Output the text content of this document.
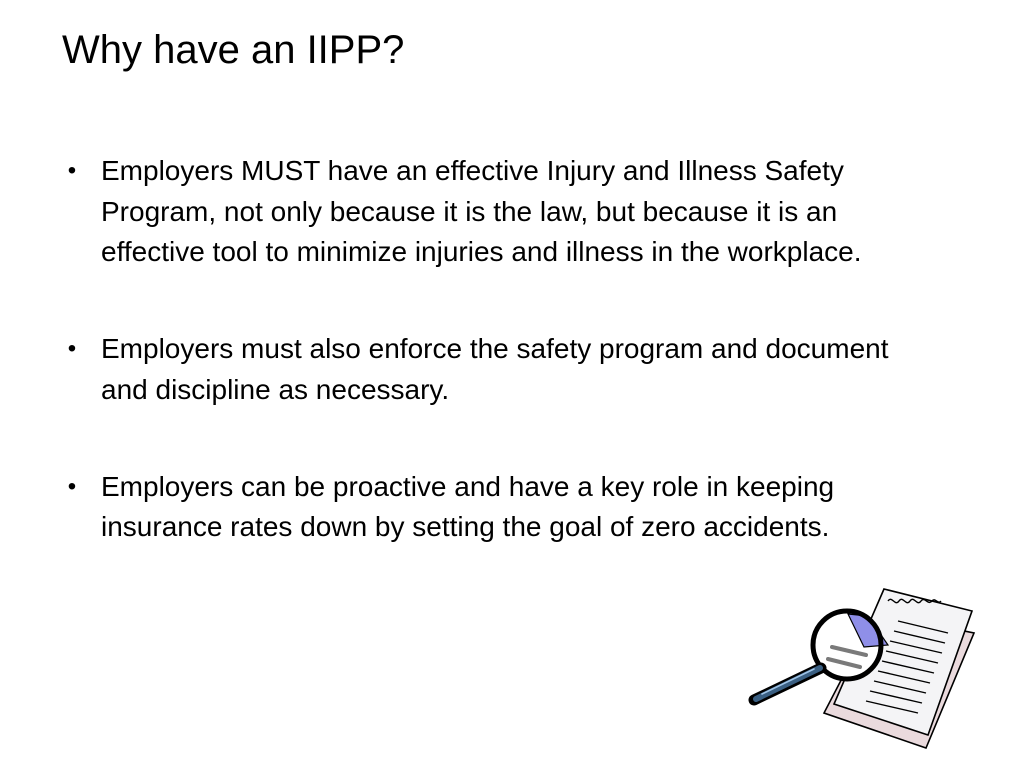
Why have an IIPP?
• Employers MUST have an effective Injury and Illness Safety Program, not only because it is the law, but because it is an effective tool to minimize injuries and illness in the workplace.
• Employers must also enforce the safety program and document and discipline as necessary.
• Employers can be proactive and have a key role in keeping insurance rates down by setting the goal of zero accidents.
